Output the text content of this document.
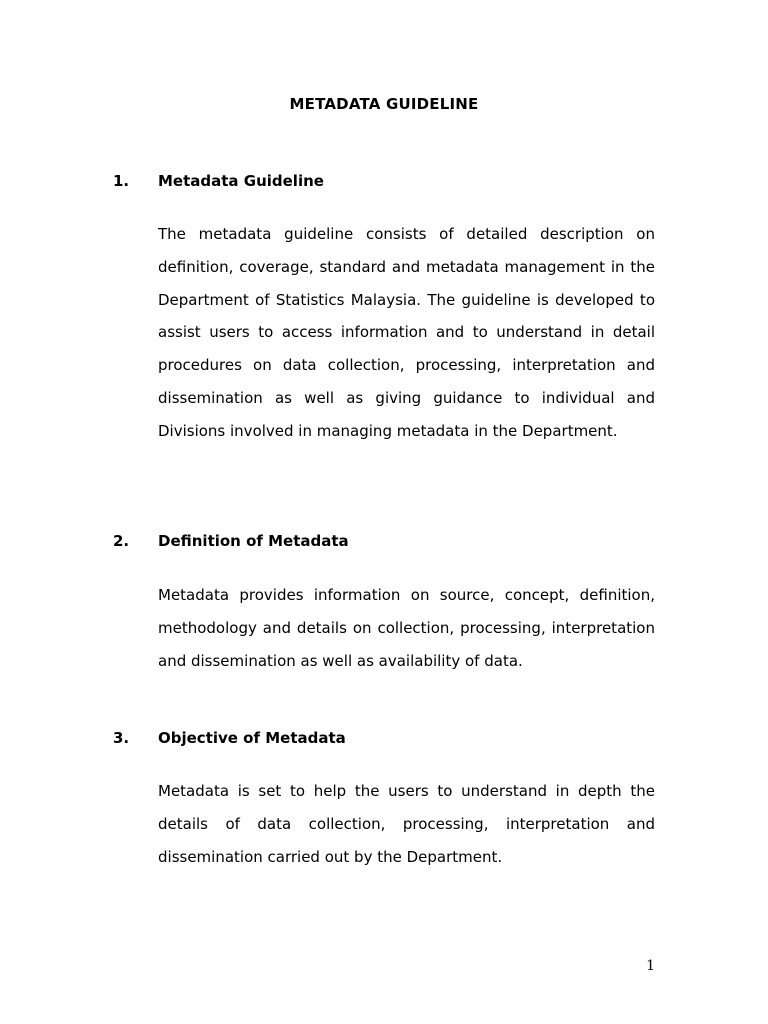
METADATA GUIDELINE
1. Metadata Guideline

The metadata guideline consists of detailed description on definition, coverage, standard and metadata management in the Department of Statistics Malaysia. The guideline is developed to assist users to access information and to understand in detail procedures on data collection, processing, interpretation and dissemination as well as giving guidance to individual and Divisions involved in managing metadata in the Department.

2. Definition of Metadata

Metadata provides information on source, concept, definition, methodology and details on collection, processing, interpretation and dissemination as well as availability of data.

3. Objective of Metadata

Metadata is set to help the users to understand in depth the details of data collection, processing, interpretation and dissemination carried out by the Department.

1
